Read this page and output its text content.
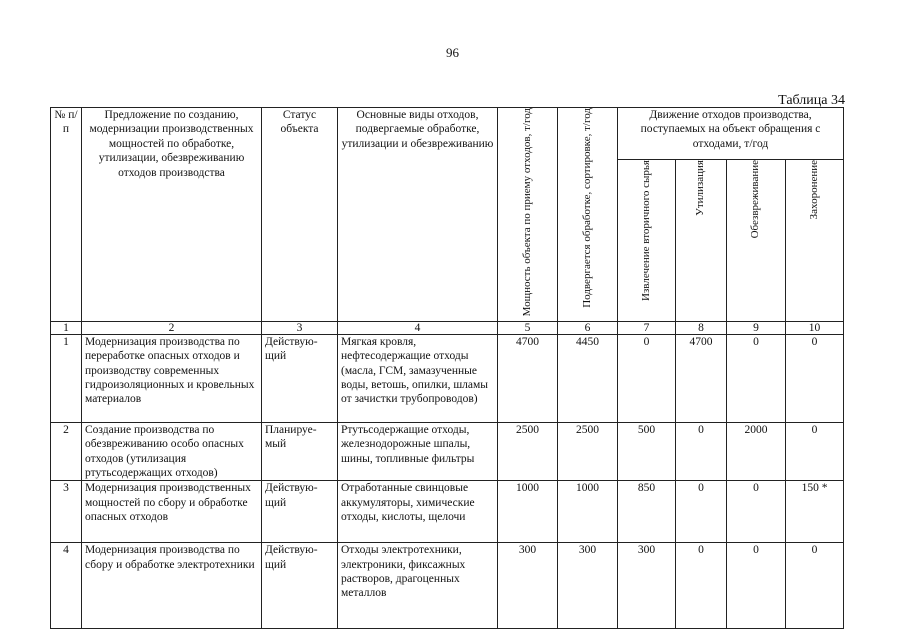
96
Таблица 34
№ п/п	Предложение по созданию, модернизации производственных мощностей по обработке, утилизации, обезвреживанию отходов производства	Статус объекта	Основные виды отходов, подвергаемые обработке, утилизации и обезвреживанию	Мощность объекта по приему отходов, т/год	Подвергается обработке, сортировке, т/год	Движение отходов производства, поступаемых на объект обращения с отходами, т/год			
						Извлечение вторичного сырья	Утилизация	Обезвреживание	Захоронение
1	2	3	4	5	6	7	8	9	10
1	Модернизация производства по переработке опасных отходов и производству современных гидроизоляционных и кровельных материалов	Действую-щий	Мягкая кровля, нефтесодержащие отходы (масла, ГСМ, замазученные воды, ветошь, опилки, шламы от зачистки трубопроводов)	4700	4450	0	4700	0	0
2	Создание производства по обезвреживанию особо опасных отходов (утилизация ртутьсодержащих отходов)	Планируе-мый	Ртутьсодержащие отходы, железнодорожные шпалы, шины, топливные фильтры	2500	2500	500	0	2000	0
3	Модернизация производственных мощностей по сбору и обработке опасных отходов	Действую-щий	Отработанные свинцовые аккумуляторы, химические отходы, кислоты, щелочи	1000	1000	850	0	0	150 *
4	Модернизация производства по сбору и обработке электротехники	Действую-щий	Отходы электротехники, электроники, фиксажных растворов, драгоценных металлов	300	300	300	0	0	0
